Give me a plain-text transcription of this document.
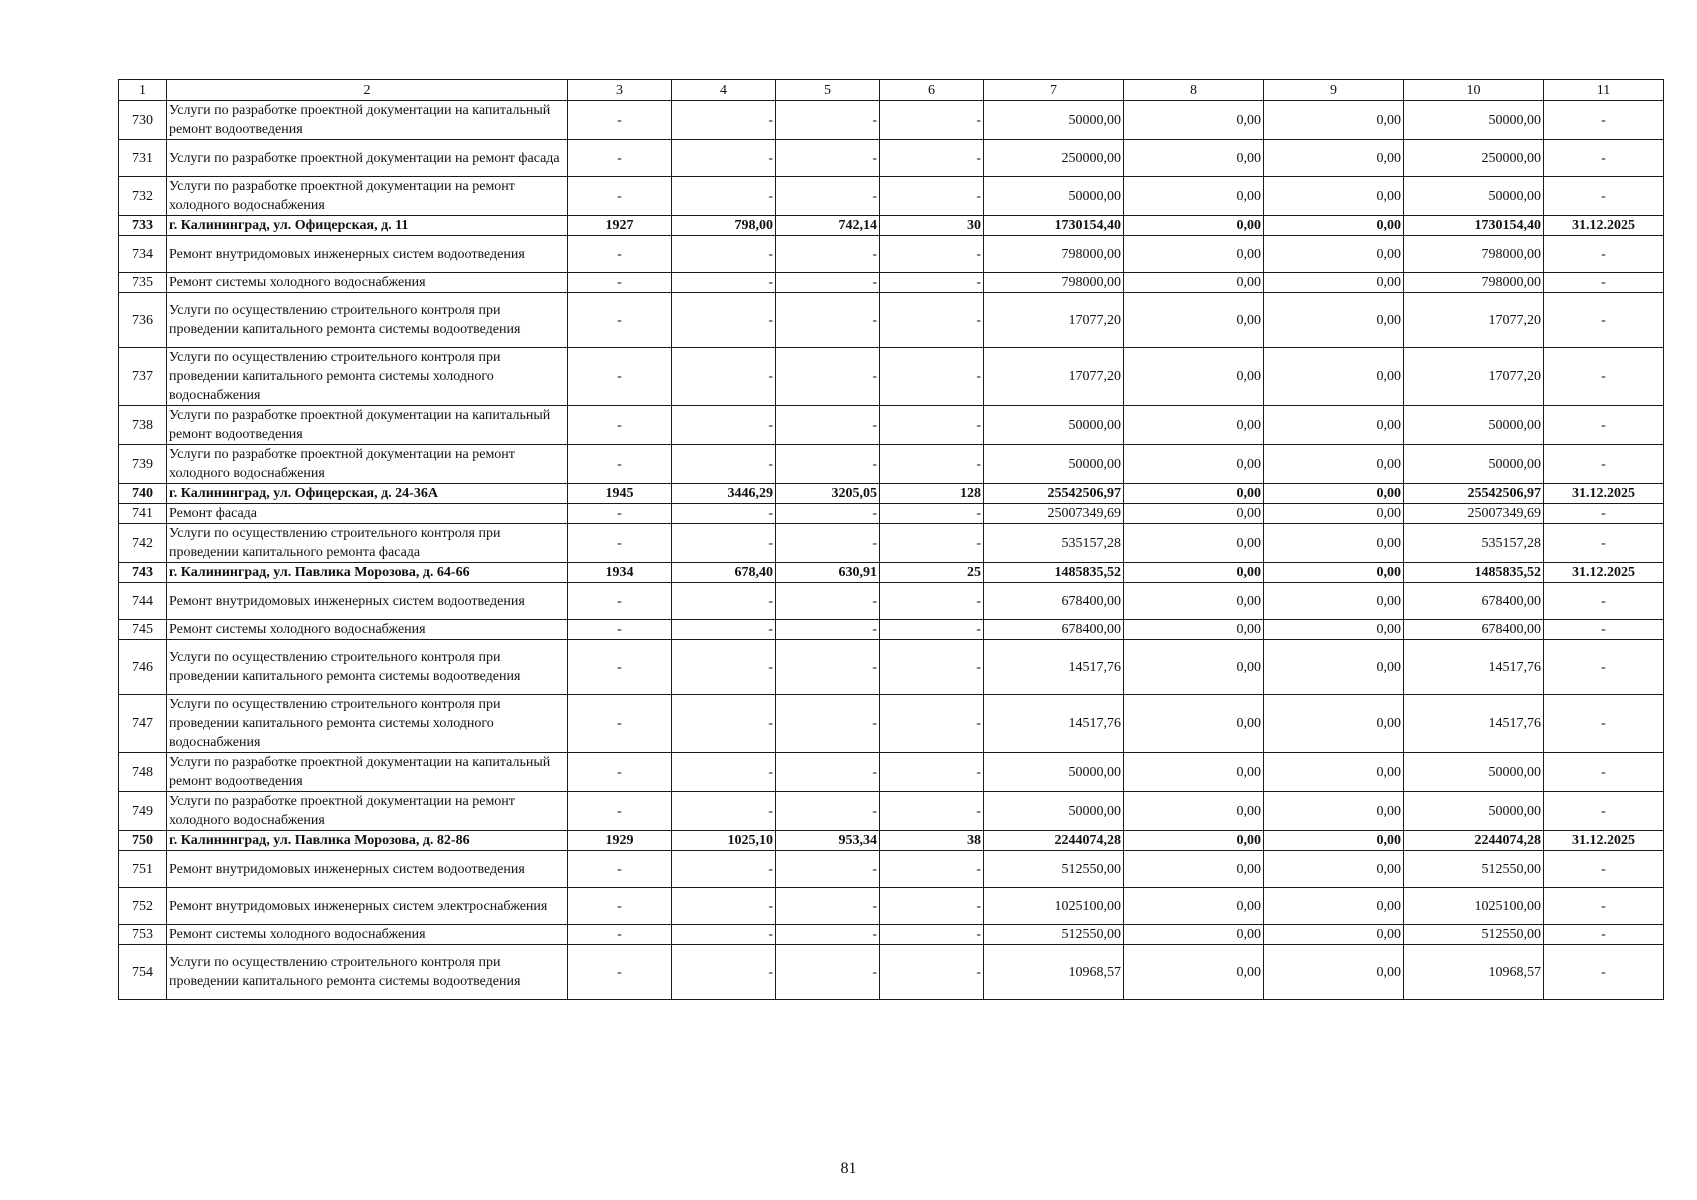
1	2	3	4	5	6	7	8	9	10	11
730	Услуги по разработке проектной документации на капитальный ремонт водоотведения	-	-	-	-	50000,00	0,00	0,00	50000,00	-
731	Услуги по разработке проектной документации на ремонт фасада	-	-	-	-	250000,00	0,00	0,00	250000,00	-
732	Услуги по разработке проектной документации на ремонт холодного водоснабжения	-	-	-	-	50000,00	0,00	0,00	50000,00	-
733	г. Калининград, ул. Офицерская, д. 11	1927	798,00	742,14	30	1730154,40	0,00	0,00	1730154,40	31.12.2025
734	Ремонт внутридомовых инженерных систем водоотведения	-	-	-	-	798000,00	0,00	0,00	798000,00	-
735	Ремонт системы холодного водоснабжения	-	-	-	-	798000,00	0,00	0,00	798000,00	-
736	Услуги по осуществлению строительного контроля при проведении капитального ремонта системы водоотведения	-	-	-	-	17077,20	0,00	0,00	17077,20	-
737	Услуги по осуществлению строительного контроля при проведении капитального ремонта системы холодного водоснабжения	-	-	-	-	17077,20	0,00	0,00	17077,20	-
738	Услуги по разработке проектной документации на капитальный ремонт водоотведения	-	-	-	-	50000,00	0,00	0,00	50000,00	-
739	Услуги по разработке проектной документации на ремонт холодного водоснабжения	-	-	-	-	50000,00	0,00	0,00	50000,00	-
740	г. Калининград, ул. Офицерская, д. 24-36А	1945	3446,29	3205,05	128	25542506,97	0,00	0,00	25542506,97	31.12.2025
741	Ремонт фасада	-	-	-	-	25007349,69	0,00	0,00	25007349,69	-
742	Услуги по осуществлению строительного контроля при проведении капитального ремонта фасада	-	-	-	-	535157,28	0,00	0,00	535157,28	-
743	г. Калининград, ул. Павлика Морозова, д. 64-66	1934	678,40	630,91	25	1485835,52	0,00	0,00	1485835,52	31.12.2025
744	Ремонт внутридомовых инженерных систем водоотведения	-	-	-	-	678400,00	0,00	0,00	678400,00	-
745	Ремонт системы холодного водоснабжения	-	-	-	-	678400,00	0,00	0,00	678400,00	-
746	Услуги по осуществлению строительного контроля при проведении капитального ремонта системы водоотведения	-	-	-	-	14517,76	0,00	0,00	14517,76	-
747	Услуги по осуществлению строительного контроля при проведении капитального ремонта системы холодного водоснабжения	-	-	-	-	14517,76	0,00	0,00	14517,76	-
748	Услуги по разработке проектной документации на капитальный ремонт водоотведения	-	-	-	-	50000,00	0,00	0,00	50000,00	-
749	Услуги по разработке проектной документации на ремонт холодного водоснабжения	-	-	-	-	50000,00	0,00	0,00	50000,00	-
750	г. Калининград, ул. Павлика Морозова, д. 82-86	1929	1025,10	953,34	38	2244074,28	0,00	0,00	2244074,28	31.12.2025
751	Ремонт внутридомовых инженерных систем водоотведения	-	-	-	-	512550,00	0,00	0,00	512550,00	-
752	Ремонт внутридомовых инженерных систем электроснабжения	-	-	-	-	1025100,00	0,00	0,00	1025100,00	-
753	Ремонт системы холодного водоснабжения	-	-	-	-	512550,00	0,00	0,00	512550,00	-
754	Услуги по осуществлению строительного контроля при проведении капитального ремонта системы водоотведения	-	-	-	-	10968,57	0,00	0,00	10968,57	-
81
